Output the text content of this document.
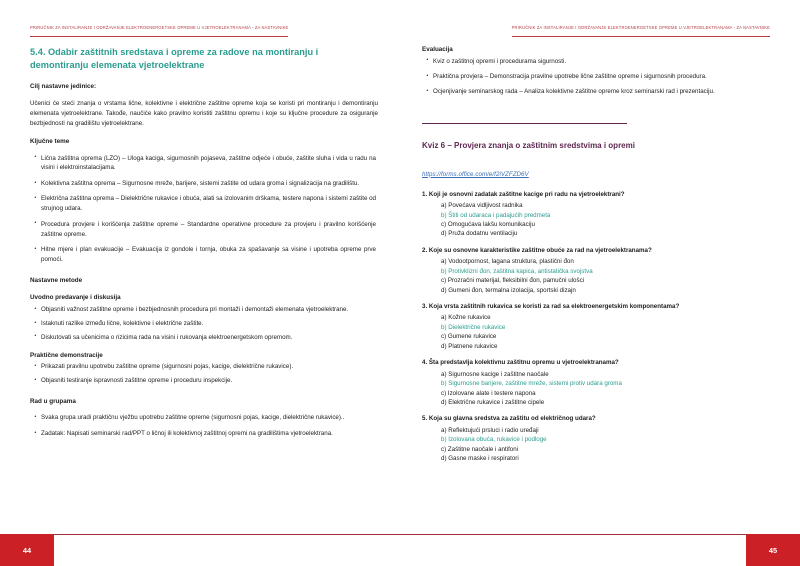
PRIRUČNIK ZA INSTALIRANJE I ODRŽAVANJE ELEKTROENERGETSKE OPREME U VJETROELEKTRANAMA - ZA NASTAVNIKE
5.4. Odabir zaštitnih sredstava i opreme za radove na montiranju i demontiranju elemenata vjetroelektrane
Cilj nastavne jedinice:

Učenici će steći znanja o vrstama lične, kolektivne i električne zaštitne opreme koja se koristi pri montiranju i demontiranju elemenata vjetroelektrane. Takođe, naučiće kako pravilno koristiti zaštitnu opremu i koje su ključne procedure za osiguranje bezbjednosti na gradilištu vjetroelektrane.

Ključne teme
• Lična zaštitna oprema (LZO) – Uloga kaciga, sigurnosnih pojaseva, zaštitne odjeće i obuće, zaštite sluha i vida u radu na visini i elektroinstalacijama.
• Kolektivna zaštitna oprema – Sigurnosne mreže, barijere, sistemi zaštite od udara groma i signalizacija na gradilištu.
• Električna zaštitna oprema – Dielektrične rukavice i obuća, alati sa izolovanim drškama, testere napona i sistemi zaštite od strujnog udara.
• Procedura provjere i korišćenja zaštitne opreme – Standardne operativne procedure za provjeru i pravilno korišćenje zaštitne opreme.
• Hitne mjere i plan evakuacije – Evakuacija iz gondole i tornja, obuka za spašavanje sa visine i upotreba opreme prve pomoći.
Nastavne metode
Uvodno predavanje i diskusija
• Objasniti važnost zaštitne opreme i bezbjednosnih procedura pri montaži i demontaži elemenata vjetroelektrane.
• Istaknuti razlike između lične, kolektivne i električne zaštite.
• Diskutovati sa učenicima o rizicima rada na visini i rukovanja elektroenergetskom opremom.
Praktične demonstracije
• Prikazati pravilnu upotrebu zaštitne opreme (sigurnosni pojas, kacige, dielektrične rukavice).
• Objasniti testiranje ispravnosti zaštitne opreme i proceduru inspekcije.
Rad u grupama
• Svaka grupa uradi praktičnu vježbu upotrebu zaštitne opreme (sigurnosni pojas, kacige, dielektrične rukavice)..
• Zadatak: Napisati seminarski rad/PPT o ličnoj ili kolektivnoj zaštitnoj opremi na gradilištima vjetroelektrana.
44
PRIRUČNIK ZA INSTALIRANJE I ODRŽAVANJE ELEKTROENERGETSKE OPREME U VJETROELEKTRANAMA - ZA NASTAVNIKE
Evaluacija
• Kviz o zaštitnoj opremi i procedurama sigurnosti.
• Praktična provjera – Demonstracija pravilne upotrebe lične zaštitne opreme i sigurnosnih procedura.
• Ocjenjivanje seminarskog rada – Analiza kolektivne zaštitne opreme kroz seminarski rad i prezentaciju.
Kviz 6 – Provjera znanja o zaštitnim sredstvima i opremi
https://forms.office.com/e/f2iVZFZD6V
1. Koji je osnovni zadatak zaštitne kacige pri radu na vjetroelektrani?
a) Povećava vidljivost radnika
b) Štiti od udaraca i padajućih predmeta
c) Omogućava lakšu komunikaciju
d) Pruža dodatnu ventilaciju
2. Koje su osnovne karakteristike zaštitne obuće za rad na vjetroelektranama?
a) Vodootpornost, lagana struktura, plastični đon
b) Protivklizni đon, zaštitna kapica, antistatička svojstva
c) Prozračni materijal, fleksibilni đon, pamučni ulošci
d) Gumeni đon, termalna izolacija, sportski dizajn
3. Koja vrsta zaštitnih rukavica se koristi za rad sa elektroenergetskim komponentama?
a) Kožne rukavice
b) Dielektrične rukavice
c) Gumene rukavice
d) Platnene rukavice
4. Šta predstavlja kolektivnu zaštitnu opremu u vjetroelektranama?
a) Sigurnosne kacige i zaštitne naočale
b) Sigurnosne barijere, zaštitne mreže, sistemi protiv udara groma
c) Izolovane alate i testere napona
d) Električne rukavice i zaštitne cipele
5. Koja su glavna sredstva za zaštitu od električnog udara?
a) Reflektujući prsluci i radio uređaji
b) Izolovana obuća, rukavice i podloge
c) Zaštitne naočale i antifoni
d) Gasne maske i respiratori
45
